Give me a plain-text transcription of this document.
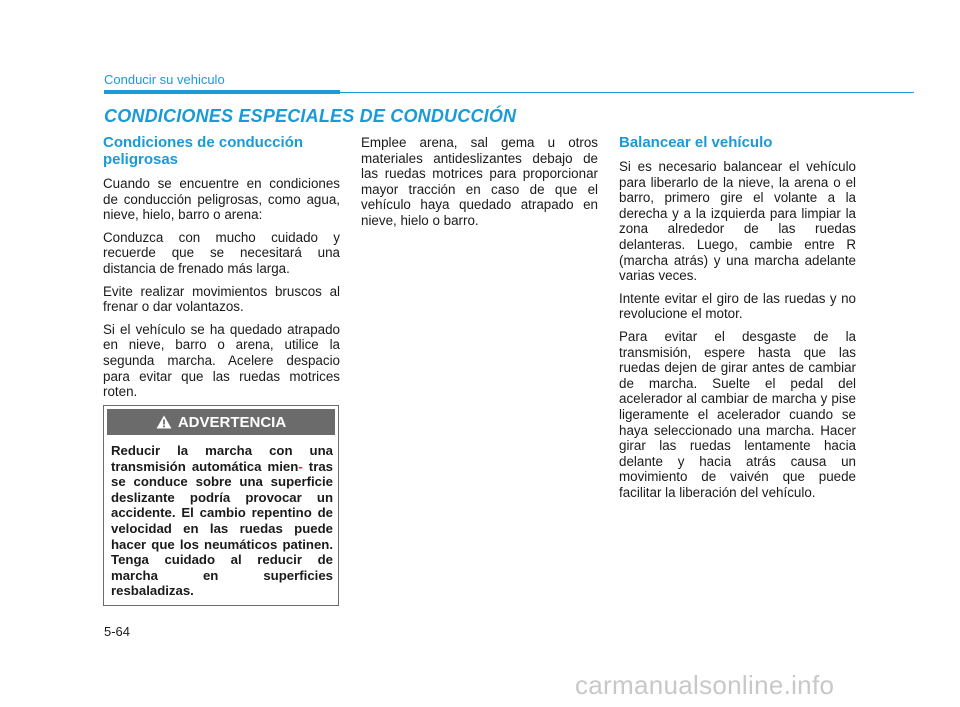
Conducir su vehiculo
CONDICIONES ESPECIALES DE CONDUCCIÓN
Condiciones de conducción peligrosas

Cuando se encuentre en condiciones de conducción peligrosas, como agua, nieve, hielo, barro o arena:

Conduzca con mucho cuidado y recuerde que se necesitará una distancia de frenado más larga.

Evite realizar movimientos bruscos al frenar o dar volantazos.

Si el vehículo se ha quedado atrapado en nieve, barro o arena, utilice la segunda marcha. Acelere despacio para evitar que las ruedas motrices roten.

ADVERTENCIA
Reducir la marcha con una transmisión automática mien- tras se conduce sobre una superficie deslizante podría provocar un accidente. El cambio repentino de velocidad en las ruedas puede hacer que los neumáticos patinen. Tenga cuidado al reducir de marcha en superficies resbaladizas.

Emplee arena, sal gema u otros materiales antideslizantes debajo de las ruedas motrices para proporcionar mayor tracción en caso de que el vehículo haya quedado atrapado en nieve, hielo o barro.

Balancear el vehículo

Si es necesario balancear el vehículo para liberarlo de la nieve, la arena o el barro, primero gire el volante a la derecha y a la izquierda para limpiar la zona alrededor de las ruedas delanteras. Luego, cambie entre R (marcha atrás) y una marcha adelante varias veces.

Intente evitar el giro de las ruedas y no revolucione el motor.

Para evitar el desgaste de la transmisión, espere hasta que las ruedas dejen de girar antes de cambiar de marcha. Suelte el pedal del acelerador al cambiar de marcha y pise ligeramente el acelerador cuando se haya seleccionado una marcha. Hacer girar las ruedas lentamente hacia delante y hacia atrás causa un movimiento de vaivén que puede facilitar la liberación del vehículo.

5-64
carmanualsonline.info
